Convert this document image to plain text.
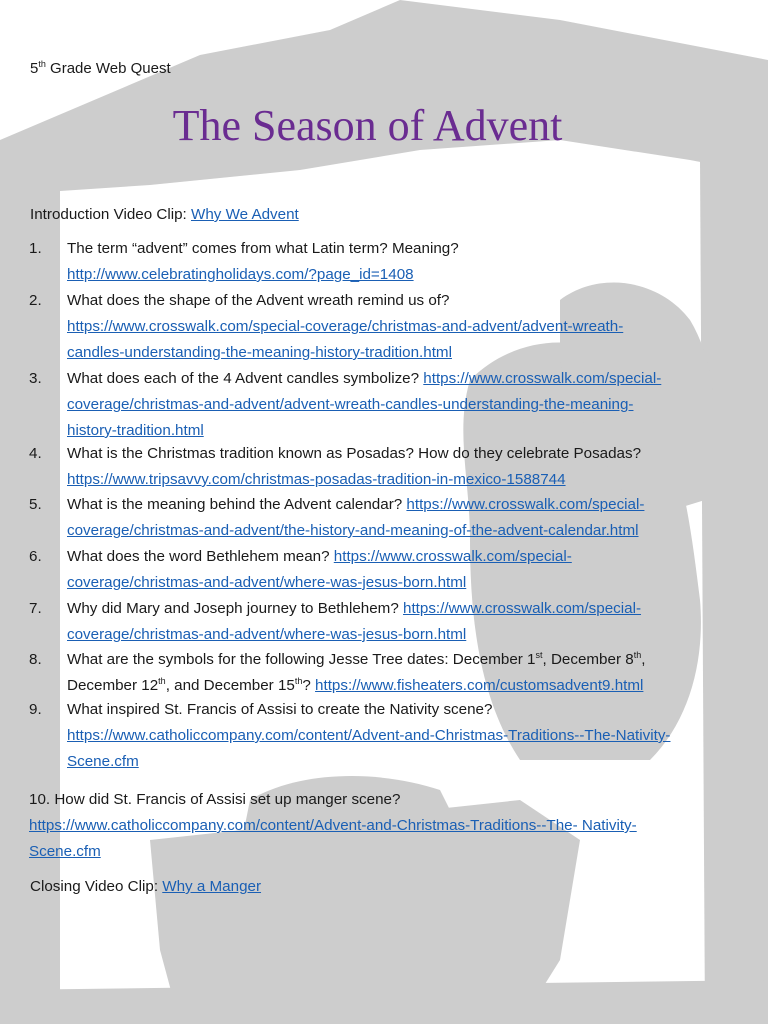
5th Grade Web Quest
The Season of Advent
Introduction Video Clip: Why We Advent
1. The term “advent” comes from what Latin term? Meaning?
http://www.celebratingholidays.com/?page_id=1408
2. What does the shape of the Advent wreath remind us of?
https://www.crosswalk.com/special-coverage/christmas-and-advent/advent-wreath-
candles-understanding-the-meaning-history-tradition.html
3. What does each of the 4 Advent candles symbolize? https://www.crosswalk.com/special-
coverage/christmas-and-advent/advent-wreath-candles-understanding-the-meaning-
history-tradition.html
4. What is the Christmas tradition known as Posadas? How do they celebrate Posadas?
https://www.tripsavvy.com/christmas-posadas-tradition-in-mexico-1588744
5. What is the meaning behind the Advent calendar? https://www.crosswalk.com/special-
coverage/christmas-and-advent/the-history-and-meaning-of-the-advent-calendar.html
6. What does the word Bethlehem mean? https://www.crosswalk.com/special-
coverage/christmas-and-advent/where-was-jesus-born.html
7. Why did Mary and Joseph journey to Bethlehem? https://www.crosswalk.com/special-
coverage/christmas-and-advent/where-was-jesus-born.html
8. What are the symbols for the following Jesse Tree dates: December 1st, December 8th,
December 12th, and December 15th? https://www.fisheaters.com/customsadvent9.html
9. What inspired St. Francis of Assisi to create the Nativity scene?
https://www.catholiccompany.com/content/Advent-and-Christmas-Traditions--The-Nativity-
Scene.cfm
10. How did St. Francis of Assisi set up manger scene?
https://www.catholiccompany.com/content/Advent-and-Christmas-Traditions--The- Nativity-
Scene.cfm
Closing Video Clip: Why a Manger
